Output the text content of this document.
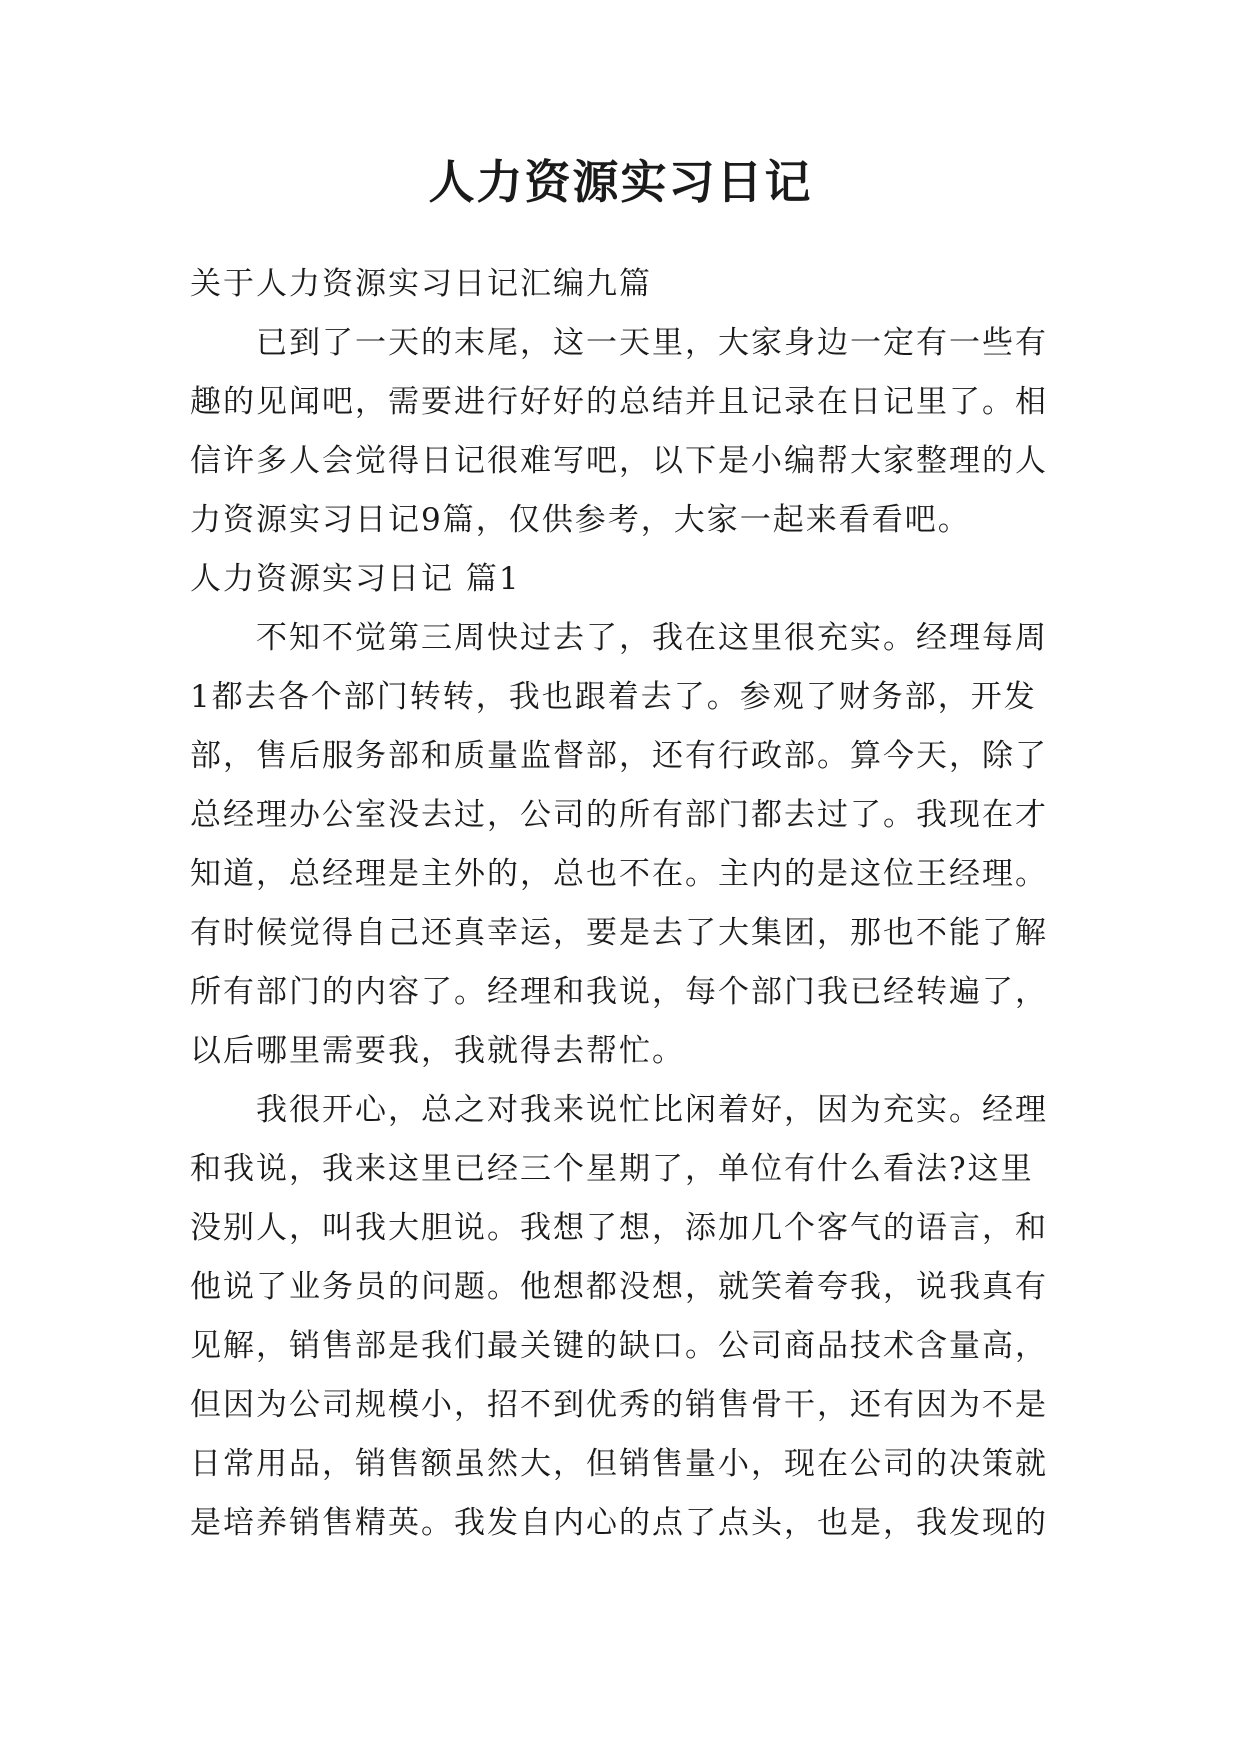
人力资源实习日记

关于人力资源实习日记汇编九篇

已到了一天的末尾，这一天里，大家身边一定有一些有趣的见闻吧，需要进行好好的总结并且记录在日记里了。相信许多人会觉得日记很难写吧，以下是小编帮大家整理的人力资源实习日记9篇，仅供参考，大家一起来看看吧。

人力资源实习日记 篇1

不知不觉第三周快过去了，我在这里很充实。经理每周1都去各个部门转转，我也跟着去了。参观了财务部，开发部，售后服务部和质量监督部，还有行政部。算今天，除了总经理办公室没去过，公司的所有部门都去过了。我现在才知道，总经理是主外的，总也不在。主内的是这位王经理。有时候觉得自己还真幸运，要是去了大集团，那也不能了解所有部门的内容了。经理和我说，每个部门我已经转遍了，以后哪里需要我，我就得去帮忙。

我很开心，总之对我来说忙比闲着好，因为充实。经理和我说，我来这里已经三个星期了，单位有什么看法?这里没别人，叫我大胆说。我想了想，添加几个客气的语言，和他说了业务员的问题。他想都没想，就笑着夸我，说我真有见解，销售部是我们最关键的缺口。公司商品技术含量高，但因为公司规模小，招不到优秀的销售骨干，还有因为不是日常用品，销售额虽然大，但销售量小，现在公司的决策就是培养销售精英。我发自内心的点了点头，也是，我发现的
